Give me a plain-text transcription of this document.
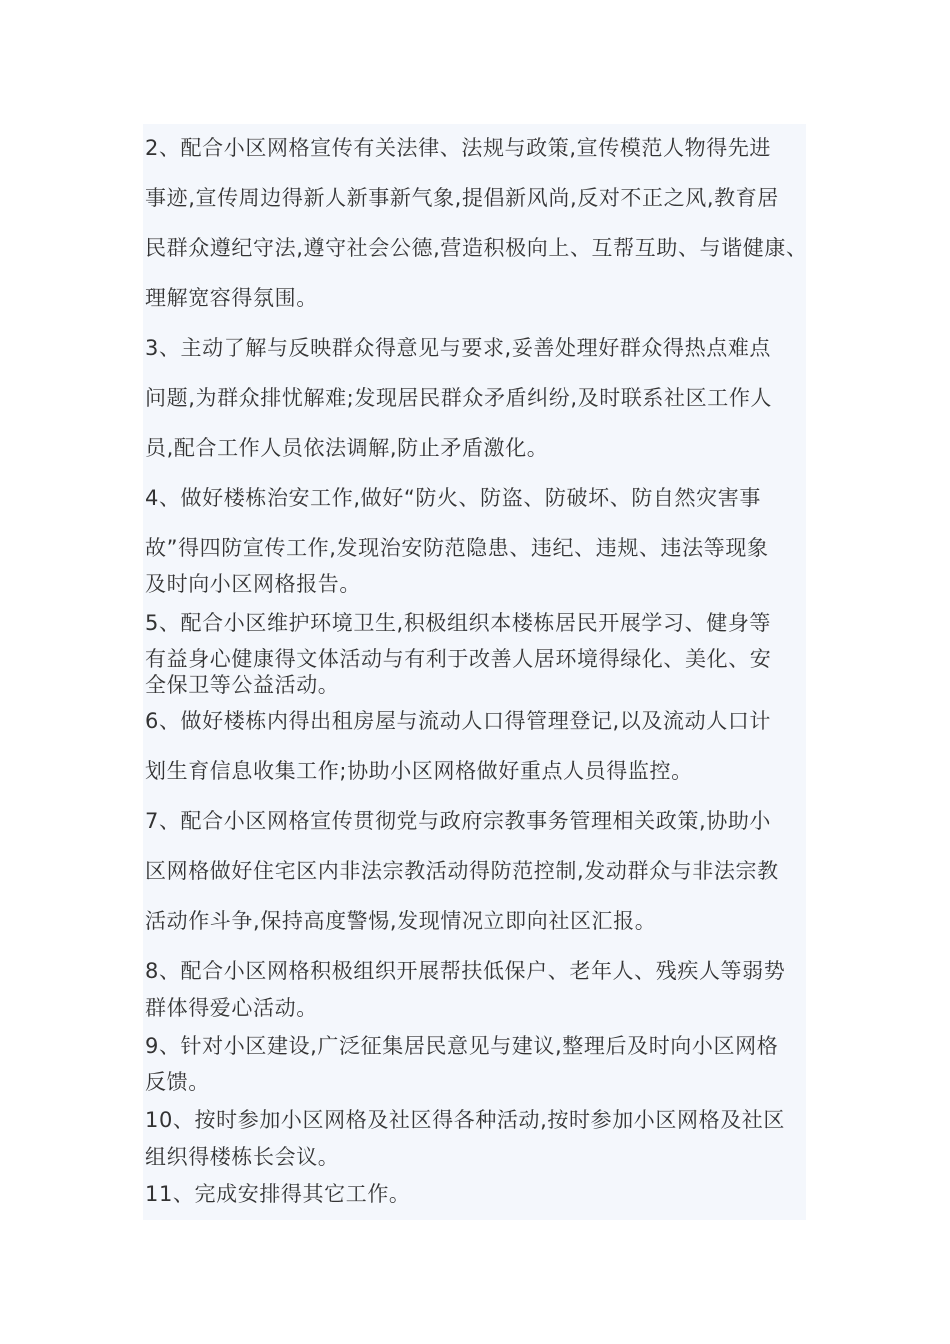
2、配合小区网格宣传有关法律、法规与政策,宣传模范人物得先进
事迹,宣传周边得新人新事新气象,提倡新风尚,反对不正之风,教育居
民群众遵纪守法,遵守社会公德,营造积极向上、互帮互助、与谐健康、
理解宽容得氛围。
3、主动了解与反映群众得意见与要求,妥善处理好群众得热点难点
问题,为群众排忧解难;发现居民群众矛盾纠纷,及时联系社区工作人
员,配合工作人员依法调解,防止矛盾激化。
4、做好楼栋治安工作,做好“防火、防盗、防破坏、防自然灾害事
故”得四防宣传工作,发现治安防范隐患、违纪、违规、违法等现象
及时向小区网格报告。
5、配合小区维护环境卫生,积极组织本楼栋居民开展学习、健身等
有益身心健康得文体活动与有利于改善人居环境得绿化、美化、安
全保卫等公益活动。
6、做好楼栋内得出租房屋与流动人口得管理登记,以及流动人口计
划生育信息收集工作;协助小区网格做好重点人员得监控。
7、配合小区网格宣传贯彻党与政府宗教事务管理相关政策,协助小
区网格做好住宅区内非法宗教活动得防范控制,发动群众与非法宗教
活动作斗争,保持高度警惕,发现情况立即向社区汇报。
8、配合小区网格积极组织开展帮扶低保户、老年人、残疾人等弱势
群体得爱心活动。
9、针对小区建设,广泛征集居民意见与建议,整理后及时向小区网格
反馈。
10、按时参加小区网格及社区得各种活动,按时参加小区网格及社区
组织得楼栋长会议。
11、完成安排得其它工作。
